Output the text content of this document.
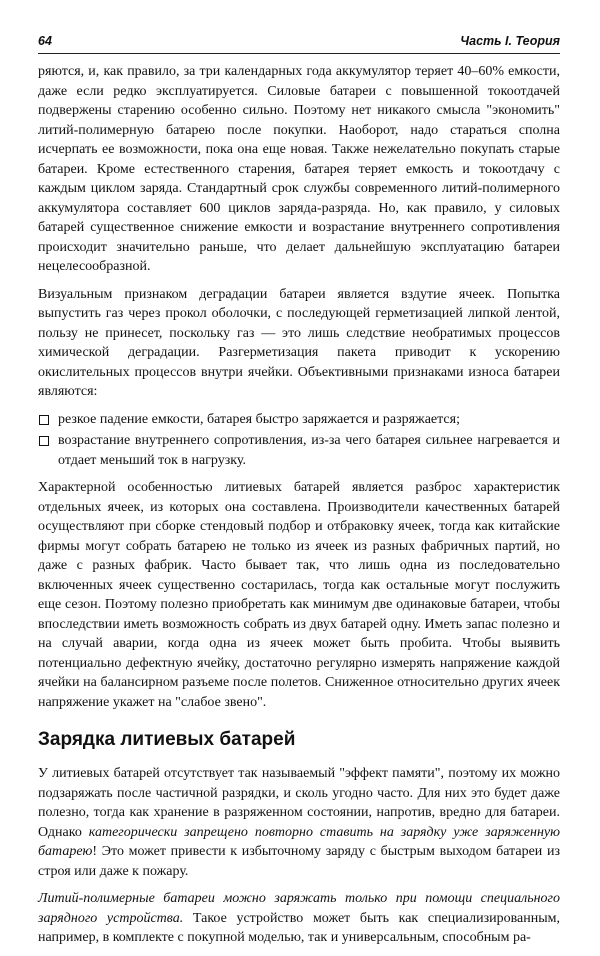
64	Часть I. Теория

ряются, и, как правило, за три календарных года аккумулятор теряет 40–60% емкости, даже если редко эксплуатируется. Силовые батареи с повышенной токоотдачей подвержены старению особенно сильно. Поэтому нет никакого смысла "экономить" литий-полимерную батарею после покупки. Наоборот, надо стараться сполна исчерпать ее возможности, пока она еще новая. Также нежелательно покупать старые батареи. Кроме естественного старения, батарея теряет емкость и токоотдачу с каждым циклом заряда. Стандартный срок службы современного литий-полимерного аккумулятора составляет 600 циклов заряда-разряда. Но, как правило, у силовых батарей существенное снижение емкости и возрастание внутреннего сопротивления происходит значительно раньше, что делает дальнейшую эксплуатацию батареи нецелесообразной.

Визуальным признаком деградации батареи является вздутие ячеек. Попытка выпустить газ через прокол оболочки, с последующей герметизацией липкой лентой, пользу не принесет, поскольку газ — это лишь следствие необратимых процессов химической деградации. Разгерметизация пакета приводит к ускорению окислительных процессов внутри ячейки. Объективными признаками износа батареи являются:

резкое падение емкости, батарея быстро заряжается и разряжается;
возрастание внутреннего сопротивления, из-за чего батарея сильнее нагревается и отдает меньший ток в нагрузку.

Характерной особенностью литиевых батарей является разброс характеристик отдельных ячеек, из которых она составлена. Производители качественных батарей осуществляют при сборке стендовый подбор и отбраковку ячеек, тогда как китайские фирмы могут собрать батарею не только из ячеек из разных фабричных партий, но даже с разных фабрик. Часто бывает так, что лишь одна из последовательно включенных ячеек существенно состарилась, тогда как остальные могут послужить еще сезон. Поэтому полезно приобретать как минимум две одинаковые батареи, чтобы впоследствии иметь возможность собрать из двух батарей одну. Иметь запас полезно и на случай аварии, когда одна из ячеек может быть пробита. Чтобы выявить потенциально дефектную ячейку, достаточно регулярно измерять напряжение каждой ячейки на балансирном разъеме после полетов. Сниженное относительно других ячеек напряжение укажет на "слабое звено".

Зарядка литиевых батарей

У литиевых батарей отсутствует так называемый "эффект памяти", поэтому их можно подзаряжать после частичной разрядки, и сколь угодно часто. Для них это будет даже полезно, тогда как хранение в разряженном состоянии, напротив, вредно для батареи. Однако категорически запрещено повторно ставить на зарядку уже заряженную батарею! Это может привести к избыточному заряду с быстрым выходом батареи из строя или даже к пожару.

Литий-полимерные батареи можно заряжать только при помощи специального зарядного устройства. Такое устройство может быть как специализированным, например, в комплекте с покупной моделью, так и универсальным, способным ра-
